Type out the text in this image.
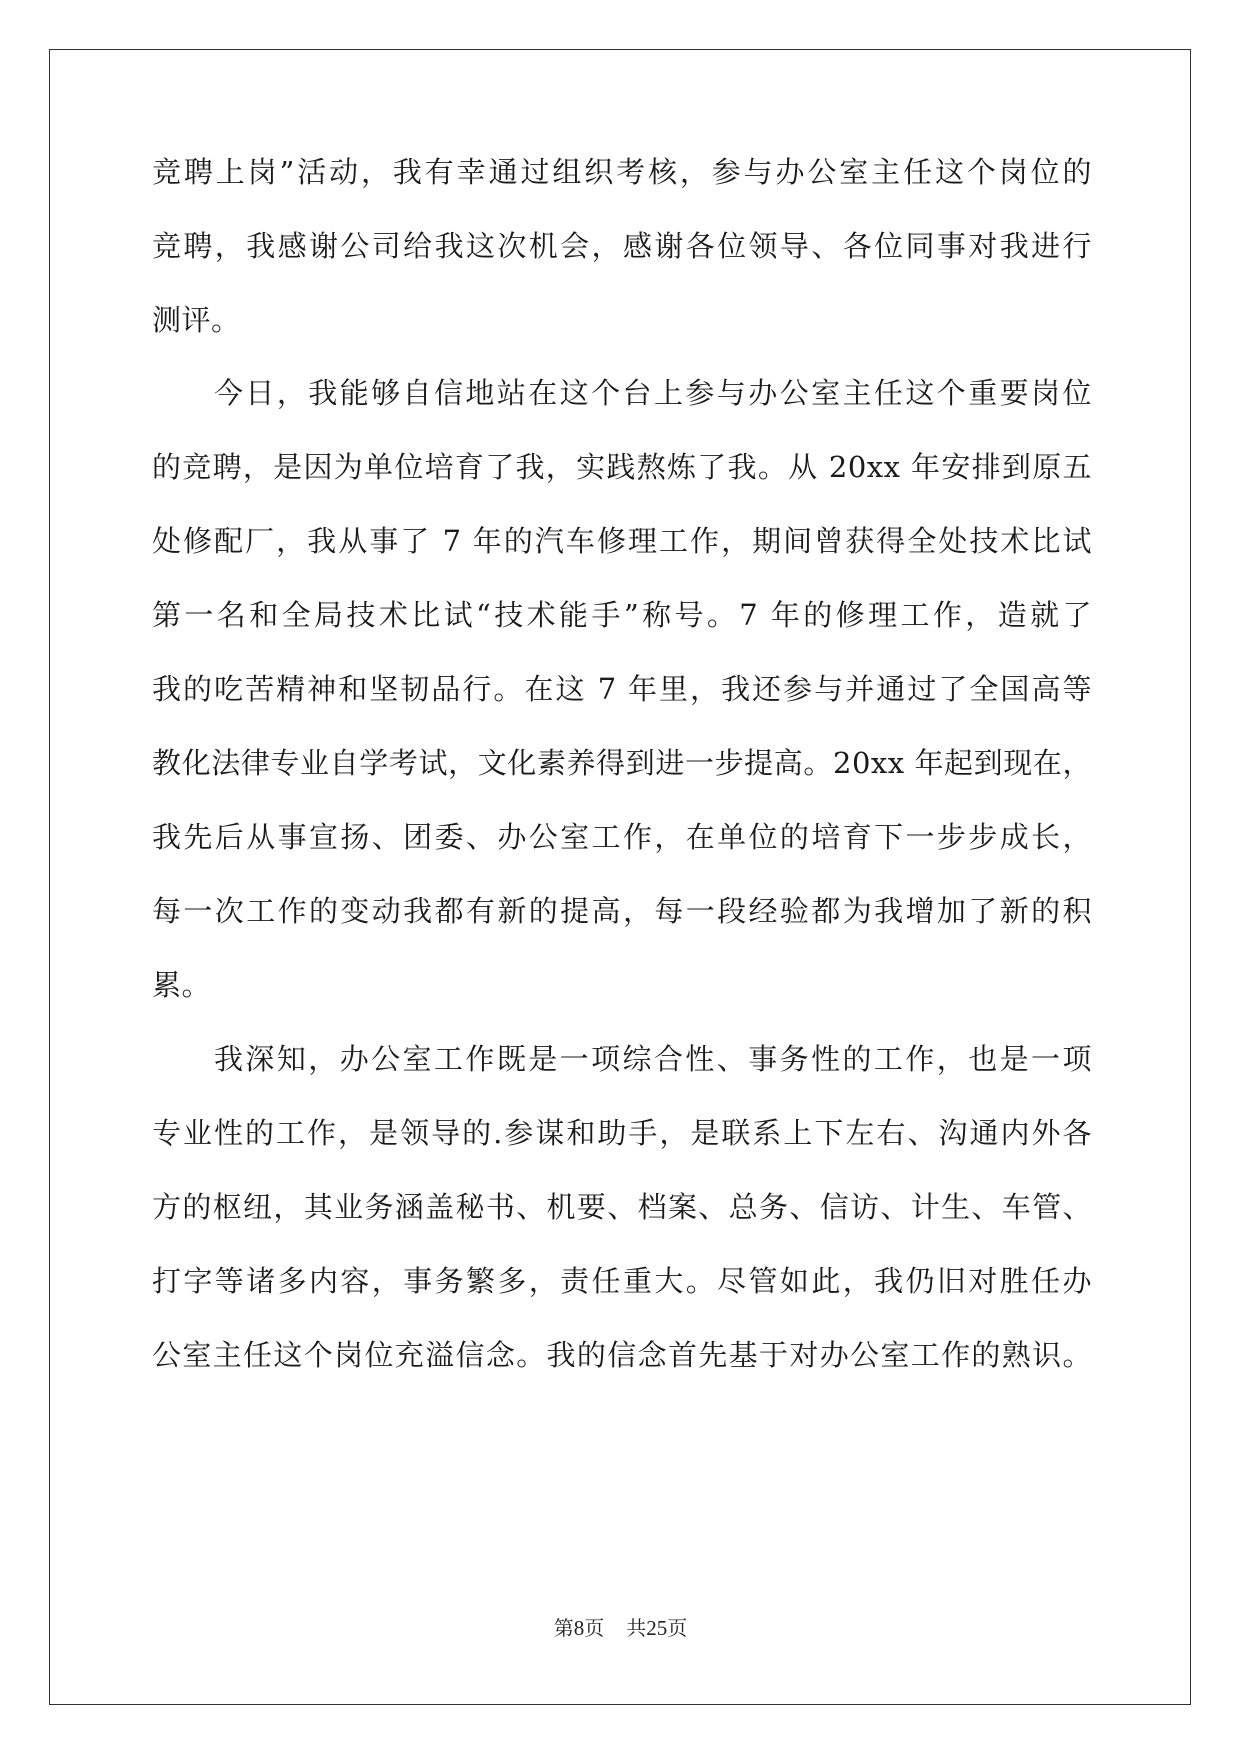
竞聘上岗”活动，我有幸通过组织考核，参与办公室主任这个岗位的
竞聘，我感谢公司给我这次机会，感谢各位领导、各位同事对我进行
测评。
今日，我能够自信地站在这个台上参与办公室主任这个重要岗位
的竞聘，是因为单位培育了我，实践熬炼了我。从 20xx 年安排到原五
处修配厂，我从事了 7 年的汽车修理工作，期间曾获得全处技术比试
第一名和全局技术比试“技术能手”称号。7 年的修理工作，造就了
我的吃苦精神和坚韧品行。在这 7 年里，我还参与并通过了全国高等
教化法律专业自学考试，文化素养得到进一步提高。20xx 年起到现在，
我先后从事宣扬、团委、办公室工作，在单位的培育下一步步成长，
每一次工作的变动我都有新的提高，每一段经验都为我增加了新的积
累。
我深知，办公室工作既是一项综合性、事务性的工作，也是一项
专业性的工作，是领导的.参谋和助手，是联系上下左右、沟通内外各
方的枢纽，其业务涵盖秘书、机要、档案、总务、信访、计生、车管、
打字等诸多内容，事务繁多，责任重大。尽管如此，我仍旧对胜任办
公室主任这个岗位充溢信念。我的信念首先基于对办公室工作的熟识。
第8页 共25页
